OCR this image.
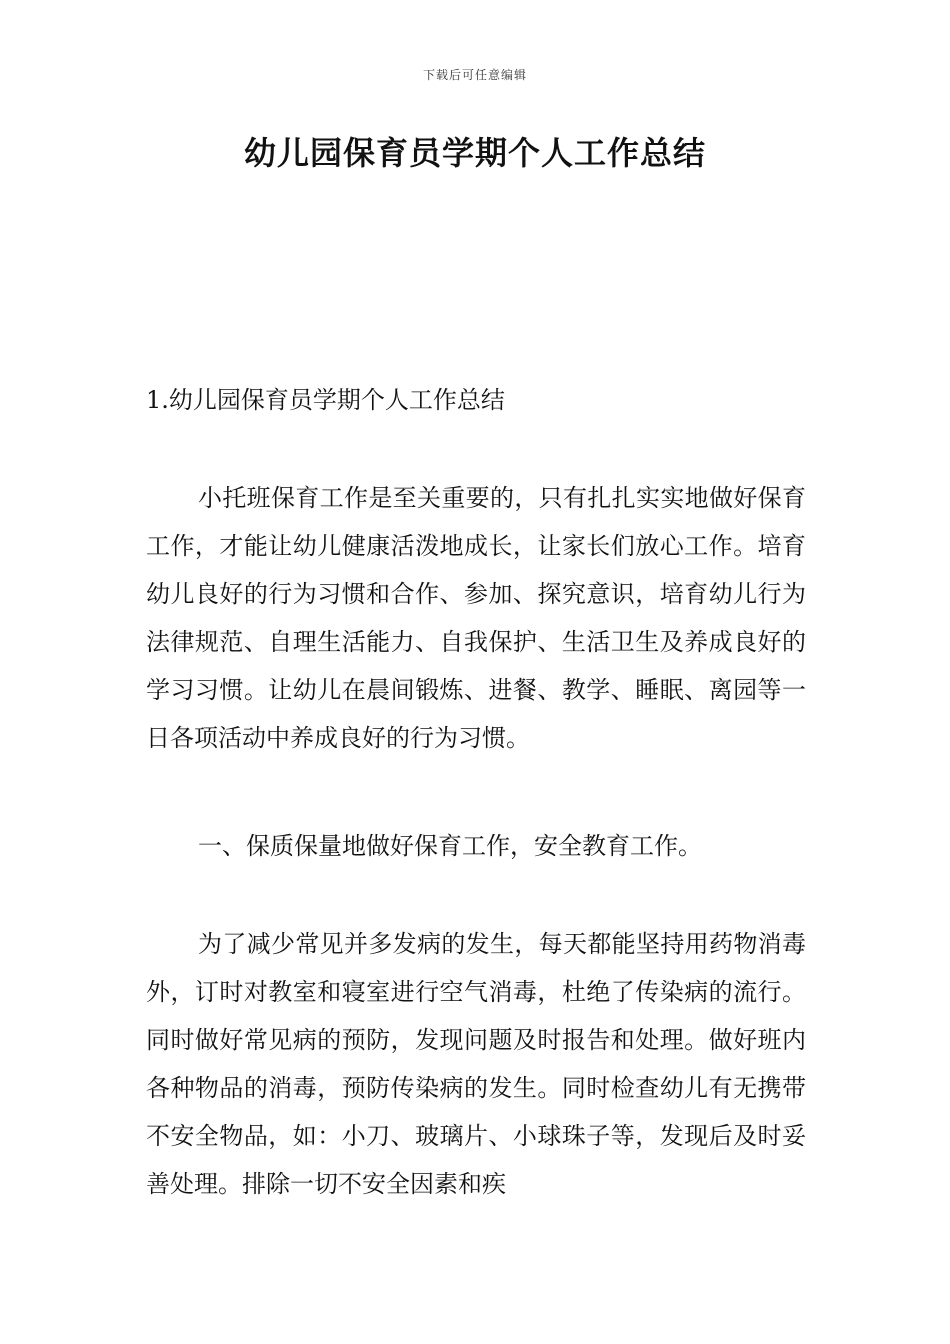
下载后可任意编辑
幼儿园保育员学期个人工作总结

1.幼儿园保育员学期个人工作总结

小托班保育工作是至关重要的，只有扎扎实实地做好保育工作，才能让幼儿健康活泼地成长，让家长们放心工作。培育幼儿良好的行为习惯和合作、参加、探究意识，培育幼儿行为法律规范、自理生活能力、自我保护、生活卫生及养成良好的学习习惯。让幼儿在晨间锻炼、进餐、教学、睡眠、离园等一日各项活动中养成良好的行为习惯。

一、保质保量地做好保育工作，安全教育工作。

为了减少常见并多发病的发生，每天都能坚持用药物消毒外，订时对教室和寝室进行空气消毒，杜绝了传染病的流行。同时做好常见病的预防，发现问题及时报告和处理。做好班内各种物品的消毒，预防传染病的发生。同时检查幼儿有无携带不安全物品，如：小刀、玻璃片、小球珠子等，发现后及时妥善处理。排除一切不安全因素和疾
